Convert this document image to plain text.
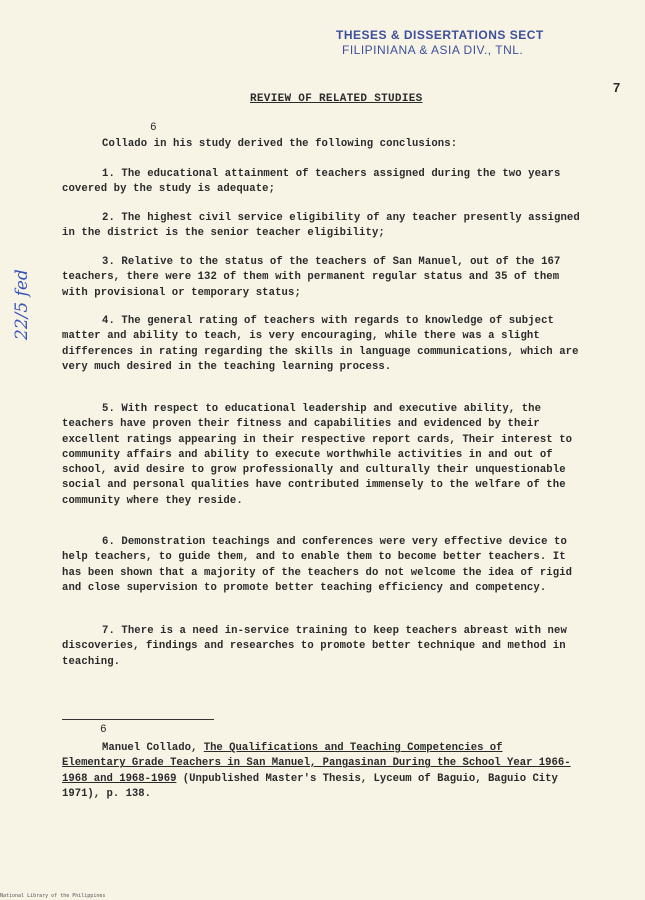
THESES & DISSERTATIONS SECT
FILIPINIANA & ASIA DIV., TNL.
7
REVIEW OF RELATED STUDIES
6

Collado in his study derived the following conclusions:

1. The educational attainment of teachers assigned during the two years covered by the study is adequate;

2. The highest civil service eligibility of any teacher presently assigned in the district is the senior teacher eligibility;

3. Relative to the status of the teachers of San Manuel, out of the 167 teachers, there were 132 of them with permanent regular status and 35 of them with provisional or temporary status;

4. The general rating of teachers with regards to knowledge of subject matter and ability to teach, is very encouraging, while there was a slight differences in rating regarding the skills in language communications, which are very much desired in the teaching learning process.

5. With respect to educational leadership and executive ability, the teachers have proven their fitness and capabilities and evidenced by their excellent ratings appearing in their respective report cards, Their interest to community affairs and ability to execute worthwhile activities in and out of school, avid desire to grow professionally and culturally their unquestionable social and personal qualities have contributed immensely to the welfare of the community where they reside.

6. Demonstration teachings and conferences were very effective device to help teachers, to guide them, and to enable them to become better teachers. It has been shown that a majority of the teachers do not welcome the idea of rigid and close supervision to promote better teaching efficiency and competency.

7. There is a need in-service training to keep teachers abreast with new discoveries, findings and researches to promote better technique and method in teaching.

22/5 fed
6
Manuel Collado, The Qualifications and Teaching Competencies of Elementary Grade Teachers in San Manuel, Pangasinan During the School Year 1966-1968 and 1968-1969 (Unpublished Master's Thesis, Lyceum of Baguio, Baguio City 1971), p. 138.
National Library of the Philippines
